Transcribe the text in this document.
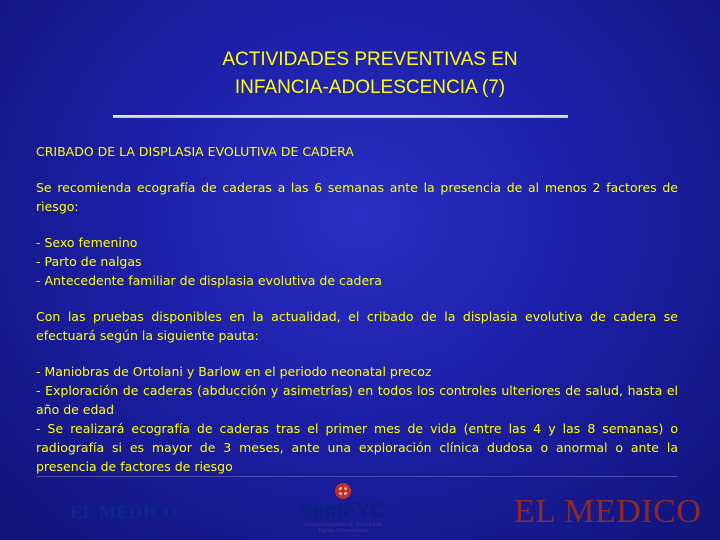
ACTIVIDADES PREVENTIVAS EN
INFANCIA-ADOLESCENCIA (7)

CRIBADO DE LA DISPLASIA EVOLUTIVA DE CADERA

Se recomienda ecografía de caderas a las 6 semanas ante la presencia de al menos 2 factores de riesgo:

- Sexo femenino

- Parto de nalgas

- Antecedente familiar de displasia evolutiva de cadera

Con las pruebas disponibles en la actualidad, el cribado de la displasia evolutiva de cadera se efectuará según la siguiente pauta:

- Maniobras de Ortolani y Barlow en el periodo neonatal precoz

- Exploración de caderas (abducción y asimetrías) en todos los controles ulteriores de salud, hasta el año de edad

- Se realizará ecografía de caderas tras el primer mes de vida (entre las 4 y las 8 semanas) o radiografía si es mayor de 3 meses, ante una exploración clínica dudosa o anormal o ante la presencia de factores de riesgo

EL MEDICO	semFYC
Sociedad Española de Medicina de Familia y Comunitaria
EL MEDICO
